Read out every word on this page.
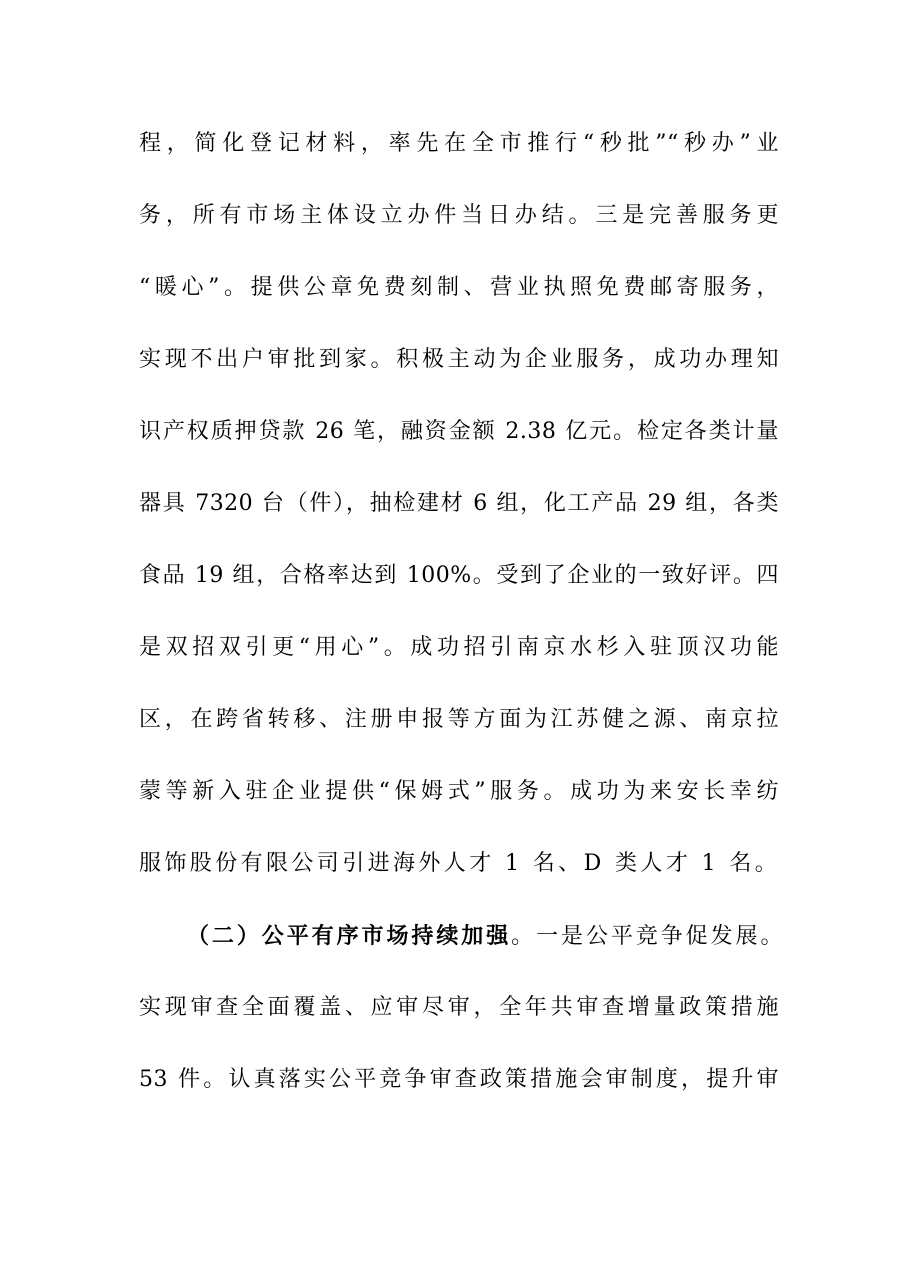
程，简化登记材料，率先在全市推行“秒批”“秒办”业
务，所有市场主体设立办件当日办结。三是完善服务更
“暖心”。提供公章免费刻制、营业执照免费邮寄服务，
实现不出户审批到家。积极主动为企业服务，成功办理知
识产权质押贷款 26 笔，融资金额 2.38 亿元。检定各类计量
器具 7320 台（件），抽检建材 6 组，化工产品 29 组，各类
食品 19 组，合格率达到 100%。受到了企业的一致好评。四
是双招双引更“用心”。成功招引南京水杉入驻顶汉功能
区，在跨省转移、注册申报等方面为江苏健之源、南京拉
蒙等新入驻企业提供“保姆式”服务。成功为来安长幸纺
服饰股份有限公司引进海外人才 1 名、D 类人才 1 名。
（二）公平有序市场持续加强。一是公平竞争促发展。
实现审查全面覆盖、应审尽审，全年共审查增量政策措施
53 件。认真落实公平竞争审查政策措施会审制度，提升审
